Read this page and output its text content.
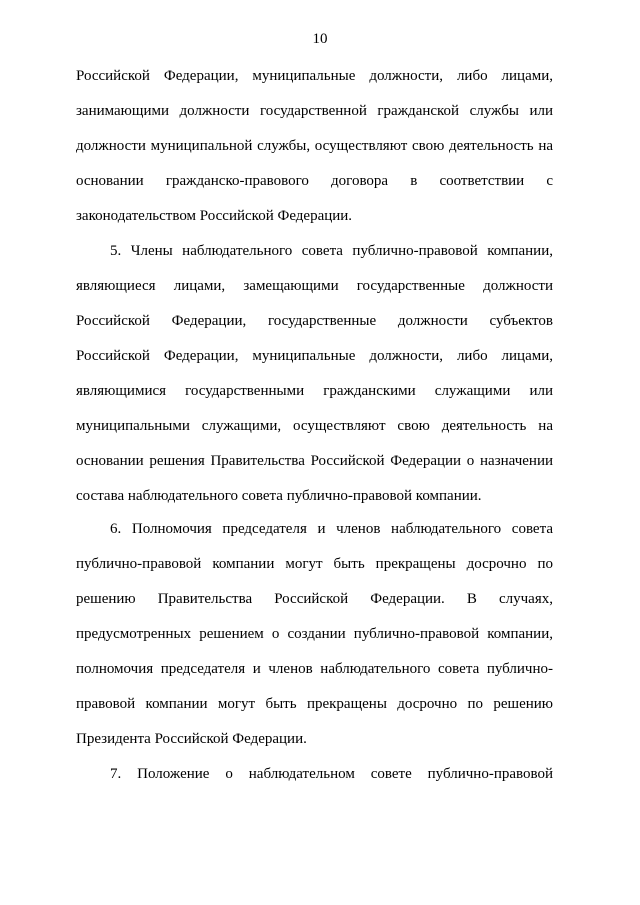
10
Российской Федерации, муниципальные должности, либо лицами,
занимающими должности государственной гражданской службы или
должности муниципальной службы, осуществляют свою деятельность на
основании гражданско-правового договора в соответствии с
законодательством Российской Федерации.
5. Члены наблюдательного совета публично-правовой компании,
являющиеся лицами, замещающими государственные должности
Российской Федерации, государственные должности субъектов
Российской Федерации, муниципальные должности, либо лицами,
являющимися государственными гражданскими служащими или
муниципальными служащими, осуществляют свою деятельность на
основании решения Правительства Российской Федерации о назначении
состава наблюдательного совета публично-правовой компании.
6. Полномочия председателя и членов наблюдательного совета
публично-правовой компании могут быть прекращены досрочно по
решению Правительства Российской Федерации. В случаях,
предусмотренных решением о создании публично-правовой компании,
полномочия председателя и членов наблюдательного совета публично-
правовой компании могут быть прекращены досрочно по решению
Президента Российской Федерации.
7. Положение о наблюдательном совете публично-правовой
